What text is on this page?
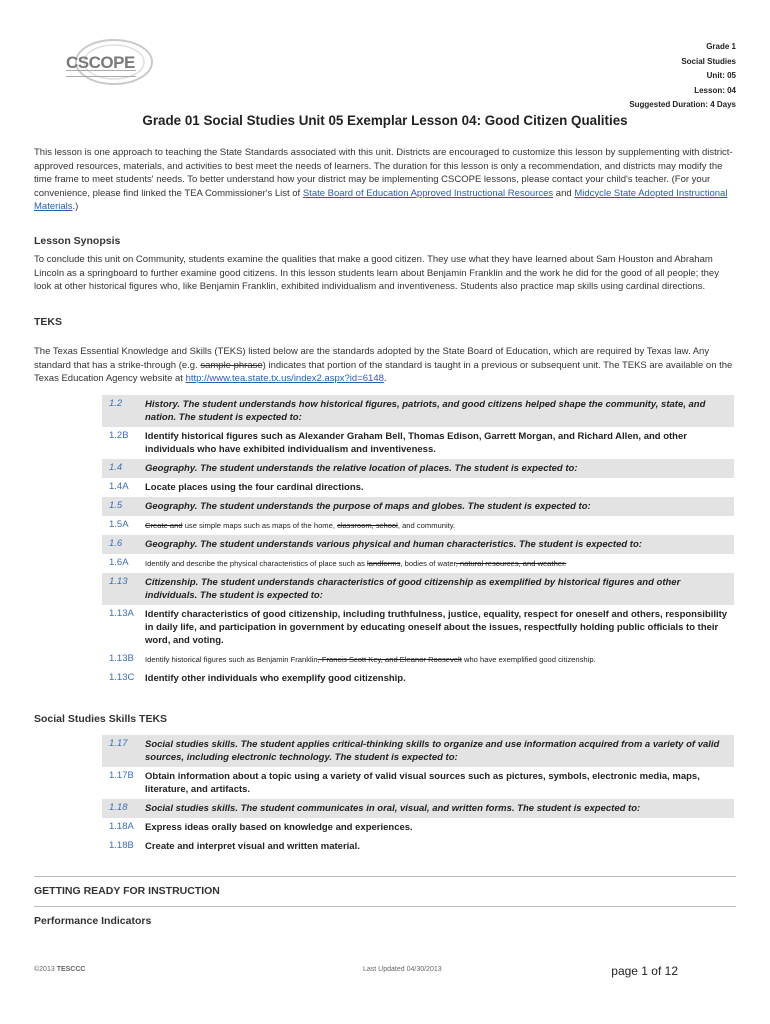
CSCOPE
Grade 1
Social Studies
Unit: 05
Lesson: 04
Suggested Duration: 4 Days
Grade 01 Social Studies Unit 05 Exemplar Lesson 04: Good Citizen Qualities
This lesson is one approach to teaching the State Standards associated with this unit. Districts are encouraged to customize this lesson by supplementing with district-approved resources, materials, and activities to best meet the needs of learners. The duration for this lesson is only a recommendation, and districts may modify the time frame to meet students' needs. To better understand how your district may be implementing CSCOPE lessons, please contact your child's teacher. (For your convenience, please find linked the TEA Commissioner's List of State Board of Education Approved Instructional Resources and Midcycle State Adopted Instructional Materials.)
Lesson Synopsis
To conclude this unit on Community, students examine the qualities that make a good citizen. They use what they have learned about Sam Houston and Abraham Lincoln as a springboard to further examine good citizens. In this lesson students learn about Benjamin Franklin and the work he did for the good of all people; they look at other historical figures who, like Benjamin Franklin, exhibited individualism and inventiveness. Students also practice map skills using cardinal directions.
TEKS
The Texas Essential Knowledge and Skills (TEKS) listed below are the standards adopted by the State Board of Education, which are required by Texas law. Any standard that has a strike-through (e.g. sample phrase) indicates that portion of the standard is taught in a previous or subsequent unit. The TEKS are available on the Texas Education Agency website at http://www.tea.state.tx.us/index2.aspx?id=6148.
1.2	History. The student understands how historical figures, patriots, and good citizens helped shape the community, state, and nation. The student is expected to:
1.2B	Identify historical figures such as Alexander Graham Bell, Thomas Edison, Garrett Morgan, and Richard Allen, and other individuals who have exhibited individualism and inventiveness.
1.4	Geography. The student understands the relative location of places. The student is expected to:
1.4A	Locate places using the four cardinal directions.
1.5	Geography. The student understands the purpose of maps and globes. The student is expected to:
1.5A	Create and use simple maps such as maps of the home, classroom, school, and community.
1.6	Geography. The student understands various physical and human characteristics. The student is expected to:
1.6A	Identify and describe the physical characteristics of place such as landforms, bodies of water, natural resources, and weather.
1.13	Citizenship. The student understands characteristics of good citizenship as exemplified by historical figures and other individuals. The student is expected to:
1.13A	Identify characteristics of good citizenship, including truthfulness, justice, equality, respect for oneself and others, responsibility in daily life, and participation in government by educating oneself about the issues, respectfully holding public officials to their word, and voting.
1.13B	Identify historical figures such as Benjamin Franklin, Francis Scott Key, and Eleanor Roosevelt who have exemplified good citizenship.
1.13C	Identify other individuals who exemplify good citizenship.
Social Studies Skills TEKS
1.17	Social studies skills. The student applies critical-thinking skills to organize and use information acquired from a variety of valid sources, including electronic technology. The student is expected to:
1.17B	Obtain information about a topic using a variety of valid visual sources such as pictures, symbols, electronic media, maps, literature, and artifacts.
1.18	Social studies skills. The student communicates in oral, visual, and written forms. The student is expected to:
1.18A	Express ideas orally based on knowledge and experiences.
1.18B	Create and interpret visual and written material.
GETTING READY FOR INSTRUCTION
Performance Indicators
©2013 TESCCC	Last Updated 04/30/2013	page 1 of 12
